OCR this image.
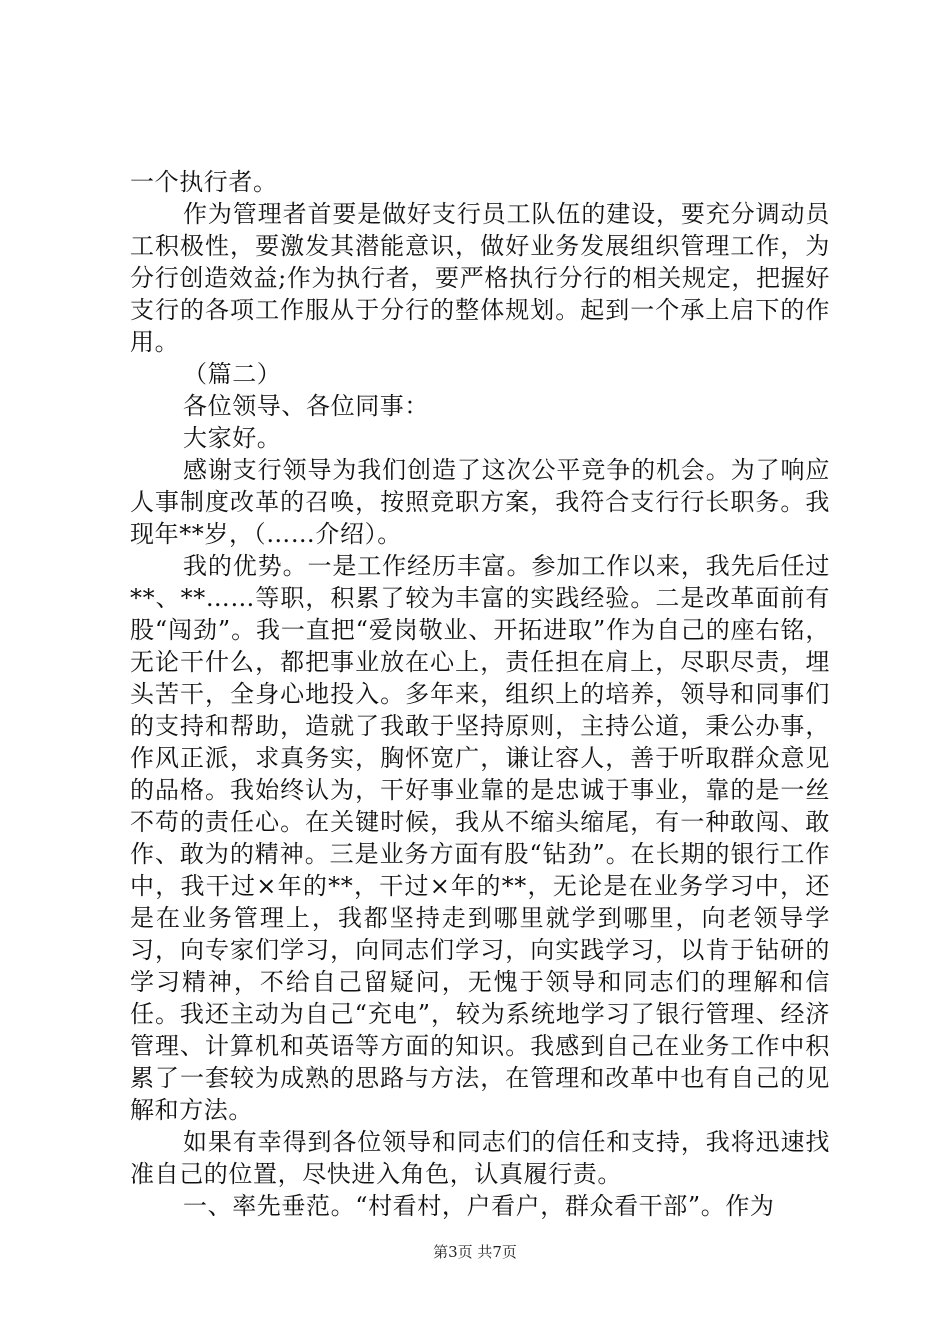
一个执行者。

作为管理者首要是做好支行员工队伍的建设，要充分调动员工积极性，要激发其潜能意识，做好业务发展组织管理工作，为分行创造效益;作为执行者，要严格执行分行的相关规定，把握好支行的各项工作服从于分行的整体规划。起到一个承上启下的作用。

（篇二）

各位领导、各位同事：

大家好。

感谢支行领导为我们创造了这次公平竞争的机会。为了响应人事制度改革的召唤，按照竞职方案，我符合支行行长职务。我现年**岁，（……介绍）。

我的优势。一是工作经历丰富。参加工作以来，我先后任过**、**……等职，积累了较为丰富的实践经验。二是改革面前有股“闯劲”。我一直把“爱岗敬业、开拓进取”作为自己的座右铭，无论干什么，都把事业放在心上，责任担在肩上，尽职尽责，埋头苦干，全身心地投入。多年来，组织上的培养，领导和同事们的支持和帮助，造就了我敢于坚持原则，主持公道，秉公办事，作风正派，求真务实，胸怀宽广，谦让容人，善于听取群众意见的品格。我始终认为，干好事业靠的是忠诚于事业，靠的是一丝不苟的责任心。在关键时候，我从不缩头缩尾，有一种敢闯、敢作、敢为的精神。三是业务方面有股“钻劲”。在长期的银行工作中，我干过×年的**，干过×年的**，无论是在业务学习中，还是在业务管理上，我都坚持走到哪里就学到哪里，向老领导学习，向专家们学习，向同志们学习，向实践学习，以肯于钻研的学习精神，不给自己留疑问，无愧于领导和同志们的理解和信任。我还主动为自己“充电”，较为系统地学习了银行管理、经济管理、计算机和英语等方面的知识。我感到自己在业务工作中积累了一套较为成熟的思路与方法，在管理和改革中也有自己的见解和方法。

如果有幸得到各位领导和同志们的信任和支持，我将迅速找准自己的位置，尽快进入角色，认真履行责。

一、率先垂范。“村看村，户看户，群众看干部”。作为

第3页 共7页
